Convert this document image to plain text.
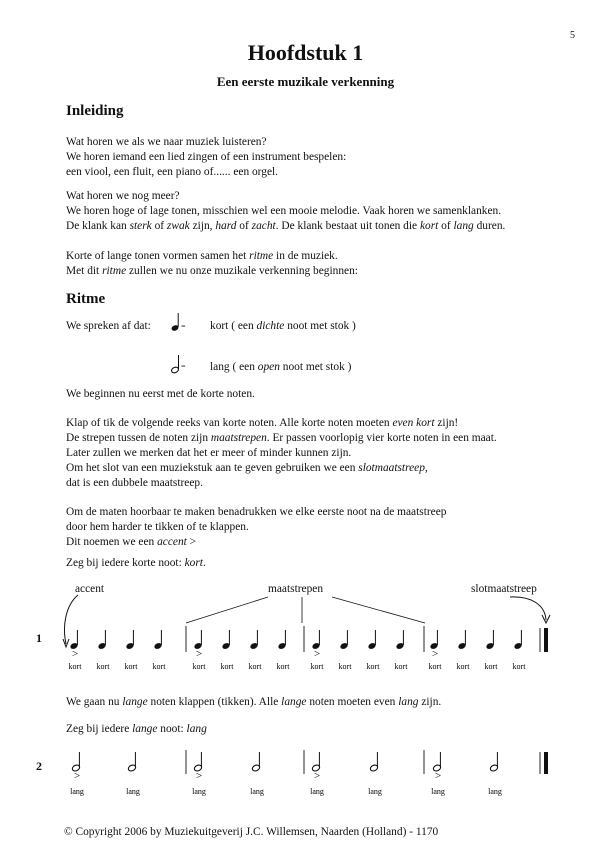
5
Hoofdstuk 1
Een eerste muzikale verkenning
Inleiding
Wat horen we als we naar muziek luisteren?
We horen iemand een lied zingen of een instrument bespelen:
een viool, een fluit, een piano of...... een orgel.
Wat horen we nog meer?
We horen hoge of lage tonen, misschien wel een mooie melodie. Vaak horen we samenklanken.
De klank kan sterk of zwak zijn, hard of zacht. De klank bestaat uit tonen die kort of lang duren.
Korte of lange tonen vormen samen het ritme in de muziek.
Met dit ritme zullen we nu onze muzikale verkenning beginnen:
Ritme
We spreken af dat:	kort ( een dichte noot met stok )
lang ( een open noot met stok )
=
=
We beginnen nu eerst met de korte noten.
Klap of tik de volgende reeks van korte noten. Alle korte noten moeten even kort zijn!
De strepen tussen de noten zijn maatstrepen. Er passen voorlopig vier korte noten in een maat.
Later zullen we merken dat het er meer of minder kunnen zijn.
Om het slot van een muziekstuk aan te geven gebruiken we een slotmaatstreep,
dat is een dubbele maatstreep.
Om de maten hoorbaar te maken benadrukken we elke eerste noot na de maatstreep
door hem harder te tikken of te klappen.
Dit noemen we een accent >
Zeg bij iedere korte noot: kort.
accent	maatstrepen	slotmaatstreep
1
We gaan nu lange noten klappen (tikken). Alle lange noten moeten even lang zijn.
Zeg bij iedere lange noot: lang
2
© Copyright 2006 by Muziekuitgeverij J.C. Willemsen, Naarden (Holland) - 1170
>
kort kort kort kort
>
kort kort kort kort
>
kort kort kort kort
>
kort kort kort kort
>
lang	lang
>
lang	lang
>
lang	lang
>
lang	lang
